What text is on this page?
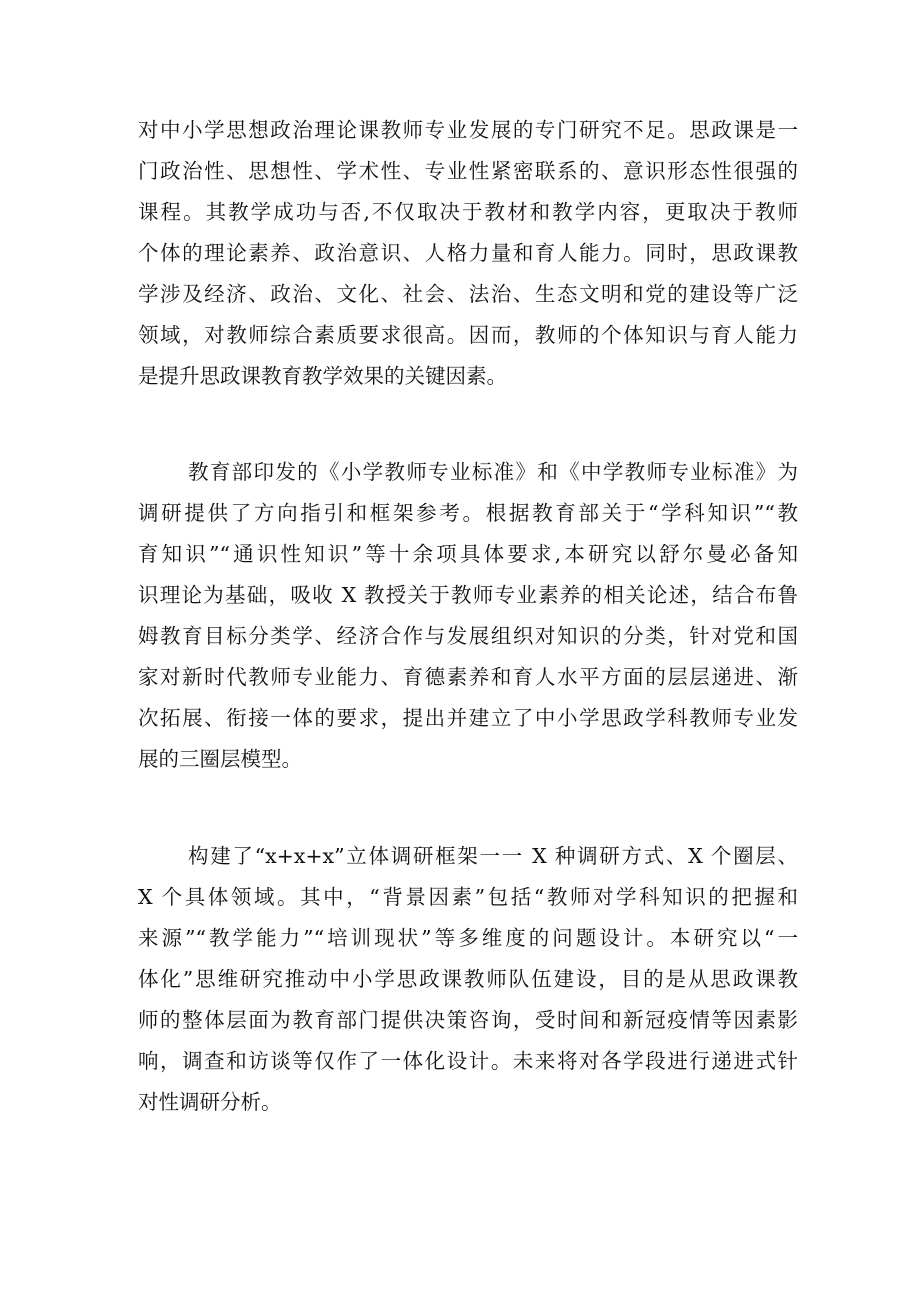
对中小学思想政治理论课教师专业发展的专门研究不足。思政课是一

门政治性、思想性、学术性、专业性紧密联系的、意识形态性很强的

课程。其教学成功与否,不仅取决于教材和教学内容，更取决于教师

个体的理论素养、政治意识、人格力量和育人能力。同时，思政课教

学涉及经济、政治、文化、社会、法治、生态文明和党的建设等广泛

领域，对教师综合素质要求很高。因而，教师的个体知识与育人能力

是提升思政课教育教学效果的关键因素。

教育部印发的《小学教师专业标准》和《中学教师专业标准》为

调研提供了方向指引和框架参考。根据教育部关于“学科知识”“教

育知识”“通识性知识”等十余项具体要求,本研究以舒尔曼必备知

识理论为基础，吸收 X 教授关于教师专业素养的相关论述，结合布鲁

姆教育目标分类学、经济合作与发展组织对知识的分类，针对党和国

家对新时代教师专业能力、育德素养和育人水平方面的层层递进、渐

次拓展、衔接一体的要求，提出并建立了中小学思政学科教师专业发

展的三圈层模型。

构建了“x+x+x”立体调研框架一一 X 种调研方式、X 个圈层、

X 个具体领域。其中，“背景因素”包括“教师对学科知识的把握和

来源”“教学能力”“培训现状”等多维度的问题设计。本研究以“一

体化”思维研究推动中小学思政课教师队伍建设，目的是从思政课教

师的整体层面为教育部门提供决策咨询，受时间和新冠疫情等因素影

响，调查和访谈等仅作了一体化设计。未来将对各学段进行递进式针

对性调研分析。
